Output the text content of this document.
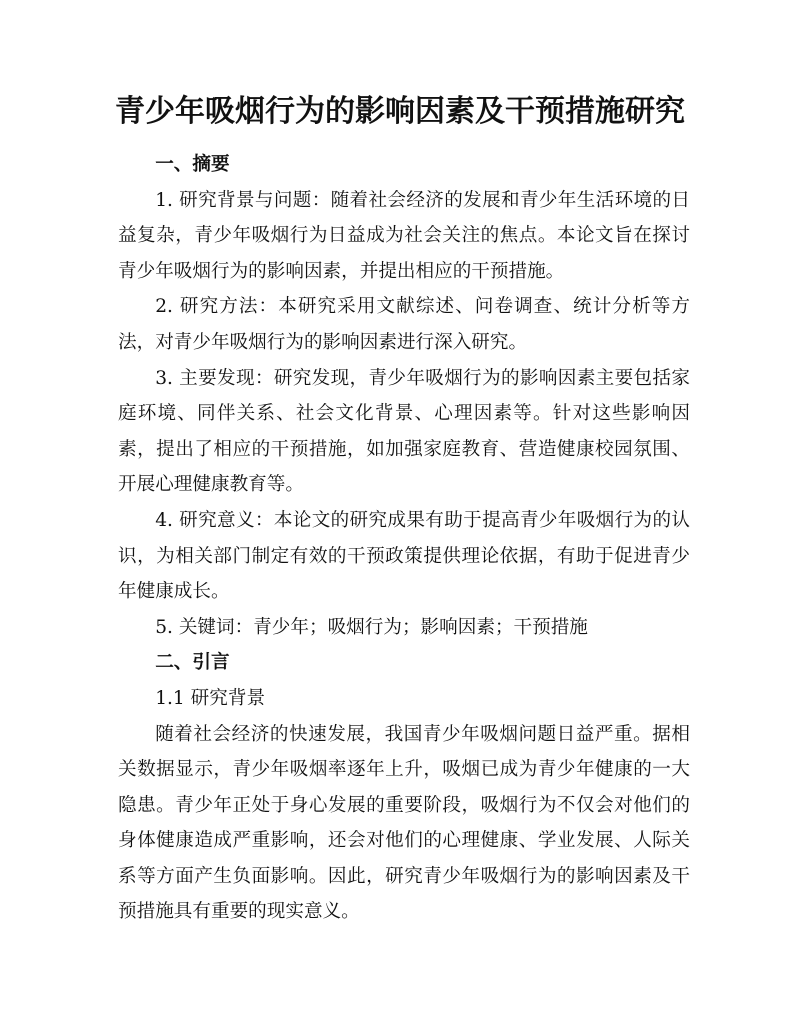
青少年吸烟行为的影响因素及干预措施研究

一、摘要

1. 研究背景与问题：随着社会经济的发展和青少年生活环境的日益复杂，青少年吸烟行为日益成为社会关注的焦点。本论文旨在探讨青少年吸烟行为的影响因素，并提出相应的干预措施。

2. 研究方法：本研究采用文献综述、问卷调查、统计分析等方法，对青少年吸烟行为的影响因素进行深入研究。

3. 主要发现：研究发现，青少年吸烟行为的影响因素主要包括家庭环境、同伴关系、社会文化背景、心理因素等。针对这些影响因素，提出了相应的干预措施，如加强家庭教育、营造健康校园氛围、开展心理健康教育等。

4. 研究意义：本论文的研究成果有助于提高青少年吸烟行为的认识，为相关部门制定有效的干预政策提供理论依据，有助于促进青少年健康成长。

5. 关键词：青少年；吸烟行为；影响因素；干预措施

二、引言

1.1 研究背景

随着社会经济的快速发展，我国青少年吸烟问题日益严重。据相关数据显示，青少年吸烟率逐年上升，吸烟已成为青少年健康的一大隐患。青少年正处于身心发展的重要阶段，吸烟行为不仅会对他们的身体健康造成严重影响，还会对他们的心理健康、学业发展、人际关系等方面产生负面影响。因此，研究青少年吸烟行为的影响因素及干预措施具有重要的现实意义。
